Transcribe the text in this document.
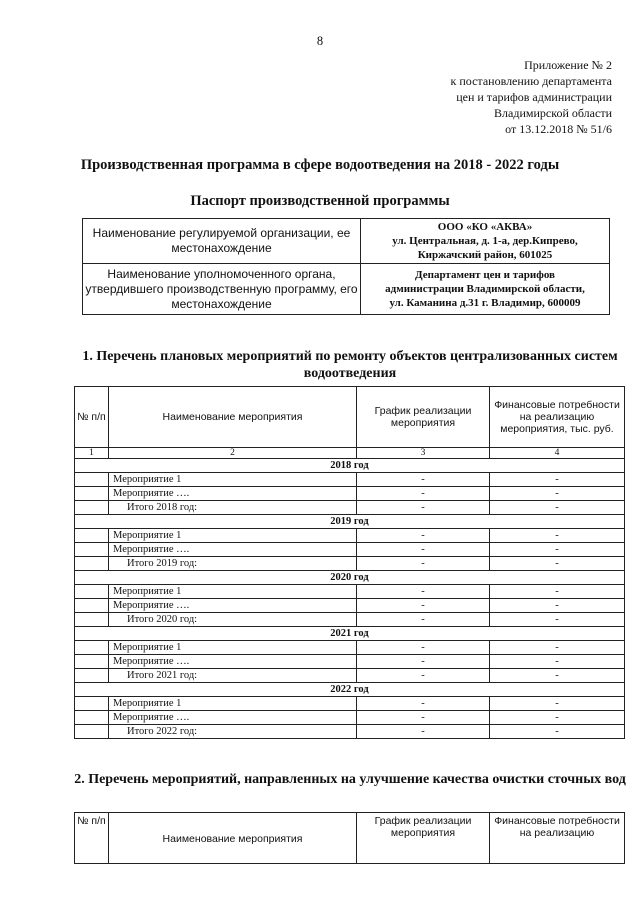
8
Приложение № 2
к постановлению департамента
цен и тарифов администрации
Владимирской области
от 13.12.2018 № 51/6
Производственная программа в сфере водоотведения на 2018 - 2022 годы
Паспорт производственной программы
Наименование регулируемой организации, ее местонахождение	ООО «КО «АКВА»
ул. Центральная, д. 1-а, дер.Кипрево,
Киржачский район, 601025

Наименование уполномоченного органа, утвердившего производственную программу, его местонахождение	Департамент цен и тарифов
администрации Владимирской области,
ул. Каманина д.31 г. Владимир, 600009
1. Перечень плановых мероприятий по ремонту объектов централизованных систем водоотведения
№ п/п	Наименование мероприятия	График реализации мероприятия	Финансовые потребности на реализацию мероприятия, тыс. руб.
1	2	3	4
2018 год			
	Мероприятие 1	-	-
	Мероприятие ….	-	-
	Итого 2018 год:	-	-
2019 год			
	Мероприятие 1	-	-
	Мероприятие ….	-	-
	Итого 2019 год:	-	-
2020 год			
	Мероприятие 1	-	-
	Мероприятие ….	-	-
	Итого 2020 год:	-	-
2021 год			
	Мероприятие 1	-	-
	Мероприятие ….	-	-
	Итого 2021 год:	-	-
2022 год			
	Мероприятие 1	-	-
	Мероприятие ….	-	-
	Итого 2022 год:	-	-
2. Перечень мероприятий, направленных на улучшение качества очистки сточных вод
№ п/п	Наименование мероприятия	График реализации мероприятия	Финансовые потребности на реализацию
